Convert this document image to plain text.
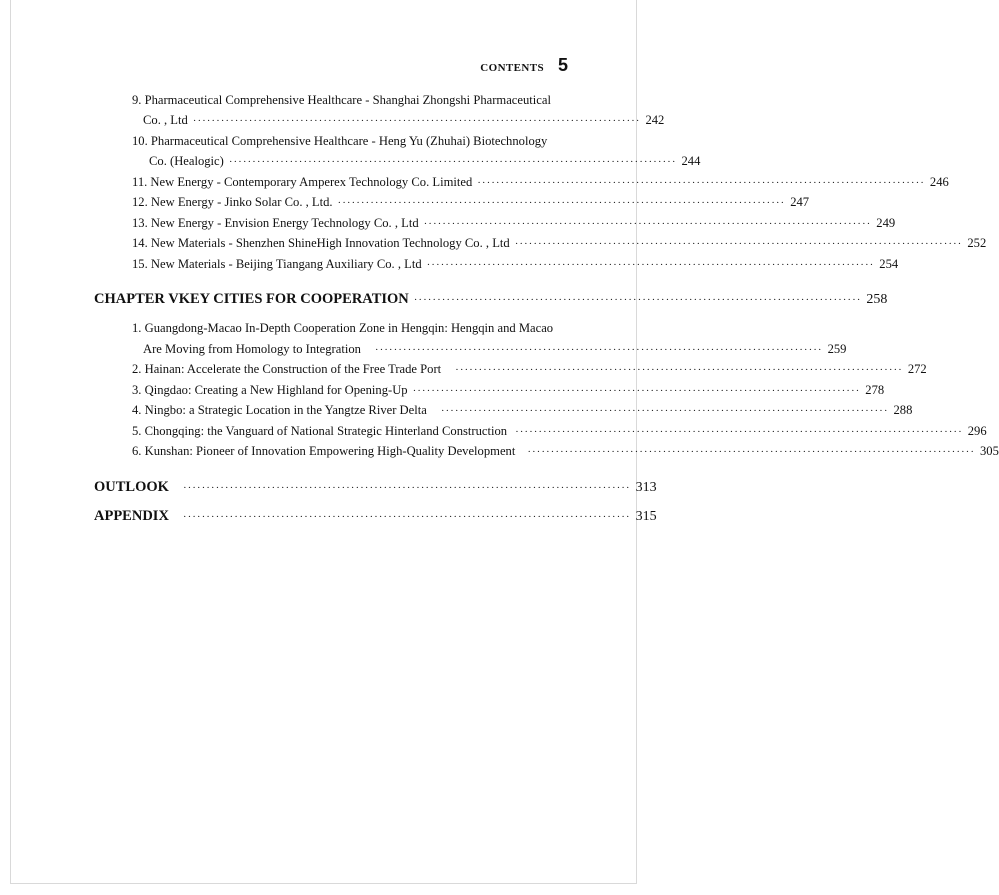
CONTENTS 5
9. Pharmaceutical Comprehensive Healthcare - Shanghai Zhongshi Pharmaceutical
Co. , Ltd ································································································ 242
10. Pharmaceutical Comprehensive Healthcare - Heng Yu (Zhuhai) Biotechnology
Co. (Healogic) ································································································ 244
11. New Energy - Contemporary Amperex Technology Co. Limited ································································································ 246
12. New Energy - Jinko Solar Co. , Ltd. ································································································ 247
13. New Energy - Envision Energy Technology Co. , Ltd ································································································ 249
14. New Materials - Shenzhen ShineHigh Innovation Technology Co. , Ltd ································································································ 252
15. New Materials - Beijing Tiangang Auxiliary Co. , Ltd ································································································ 254
CHAPTER V KEY CITIES FOR COOPERATION ································································································ 258
1. Guangdong-Macao In-Depth Cooperation Zone in Hengqin: Hengqin and Macao
Are Moving from Homology to Integration ································································································ 259
2. Hainan: Accelerate the Construction of the Free Trade Port ································································································ 272
3. Qingdao: Creating a New Highland for Opening-Up ································································································ 278
4. Ningbo: a Strategic Location in the Yangtze River Delta ································································································ 288
5. Chongqing: the Vanguard of National Strategic Hinterland Construction ································································································ 296
6. Kunshan: Pioneer of Innovation Empowering High-Quality Development ································································································ 305
OUTLOOK ································································································ 313
APPENDIX ································································································ 315
